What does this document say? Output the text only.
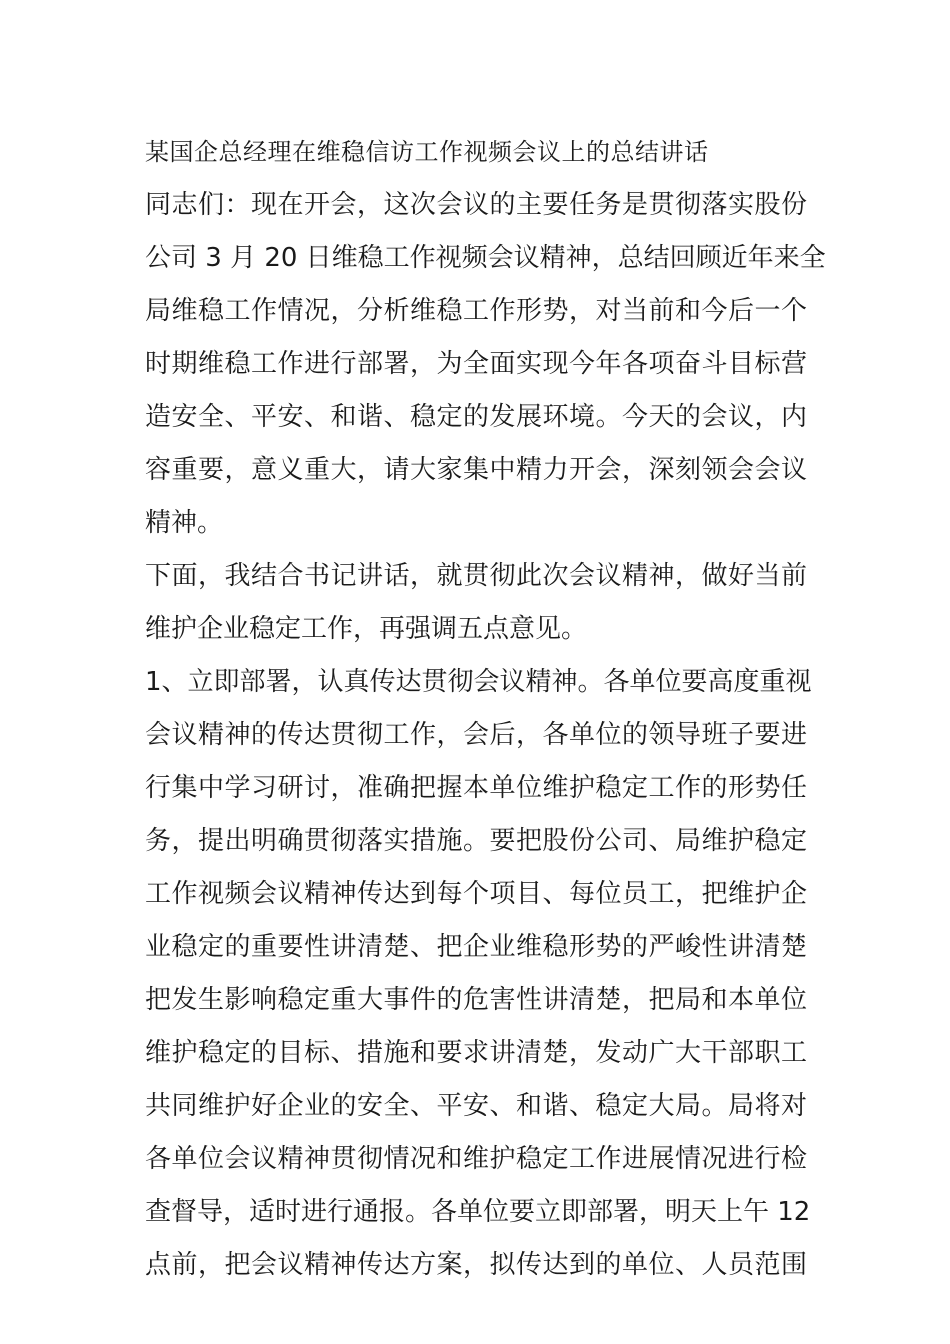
某国企总经理在维稳信访工作视频会议上的总结讲话

同志们：现在开会，这次会议的主要任务是贯彻落实股份
公司 3 月 20 日维稳工作视频会议精神，总结回顾近年来全
局维稳工作情况，分析维稳工作形势，对当前和今后一个
时期维稳工作进行部署，为全面实现今年各项奋斗目标营
造安全、平安、和谐、稳定的发展环境。今天的会议，内
容重要，意义重大，请大家集中精力开会，深刻领会会议
精神。
下面，我结合书记讲话，就贯彻此次会议精神，做好当前
维护企业稳定工作，再强调五点意见。
1、立即部署，认真传达贯彻会议精神。各单位要高度重视
会议精神的传达贯彻工作，会后，各单位的领导班子要进
行集中学习研讨，准确把握本单位维护稳定工作的形势任
务，提出明确贯彻落实措施。要把股份公司、局维护稳定
工作视频会议精神传达到每个项目、每位员工，把维护企
业稳定的重要性讲清楚、把企业维稳形势的严峻性讲清楚
把发生影响稳定重大事件的危害性讲清楚，把局和本单位
维护稳定的目标、措施和要求讲清楚，发动广大干部职工
共同维护好企业的安全、平安、和谐、稳定大局。局将对
各单位会议精神贯彻情况和维护稳定工作进展情况进行检
查督导，适时进行通报。各单位要立即部署，明天上午 12
点前，把会议精神传达方案，拟传达到的单位、人员范围
